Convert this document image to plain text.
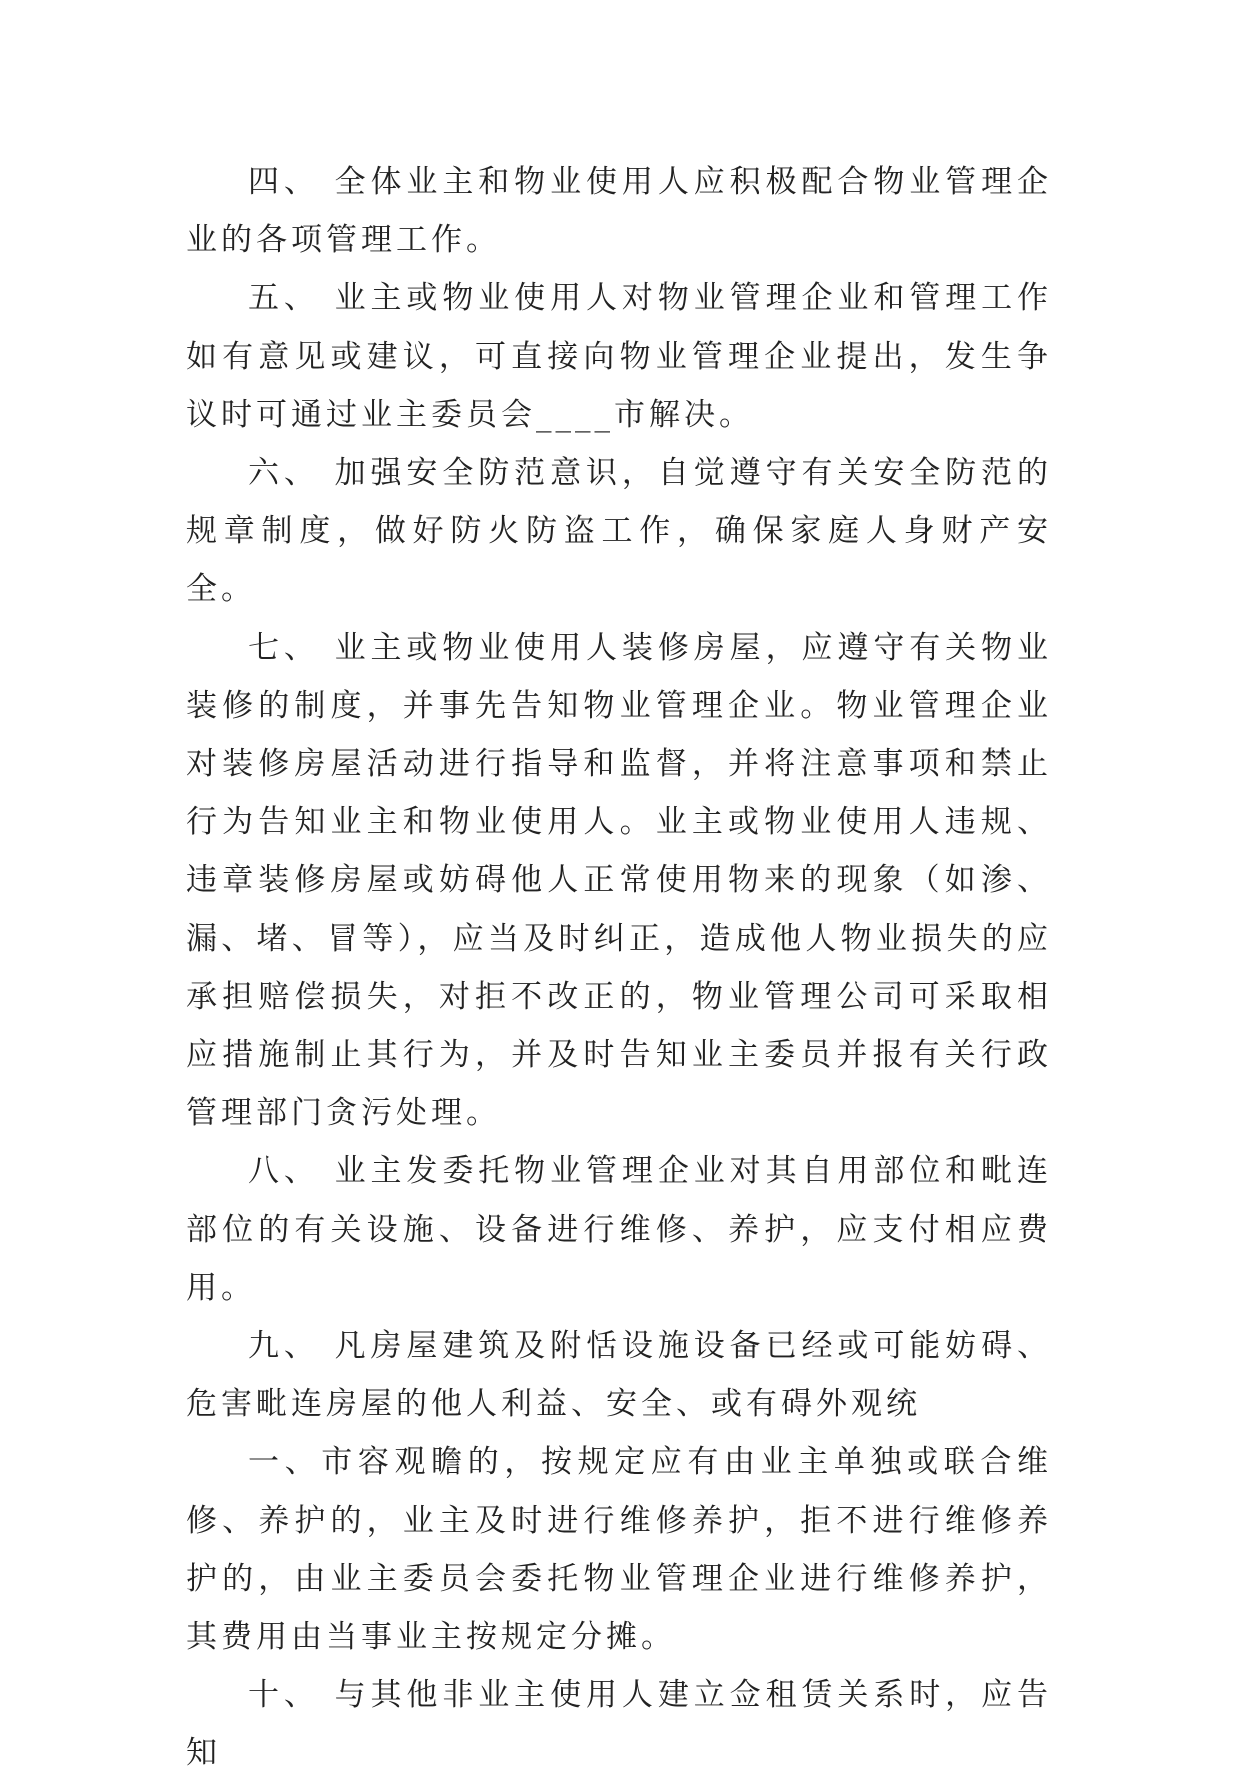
四、 全体业主和物业使用人应积极配合物业管理企业的各项管理工作。

五、 业主或物业使用人对物业管理企业和管理工作如有意见或建议，可直接向物业管理企业提出，发生争议时可通过业主委员会____市解决。

六、 加强安全防范意识，自觉遵守有关安全防范的规章制度，做好防火防盗工作，确保家庭人身财产安全。

七、 业主或物业使用人装修房屋，应遵守有关物业装修的制度，并事先告知物业管理企业。物业管理企业对装修房屋活动进行指导和监督，并将注意事项和禁止行为告知业主和物业使用人。业主或物业使用人违规、违章装修房屋或妨碍他人正常使用物来的现象（如渗、漏、堵、冒等），应当及时纠正，造成他人物业损失的应承担赔偿损失，对拒不改正的，物业管理公司可采取相应措施制止其行为，并及时告知业主委员并报有关行政管理部门贪污处理。

八、 业主发委托物业管理企业对其自用部位和毗连部位的有关设施、设备进行维修、养护，应支付相应费用。

九、 凡房屋建筑及附恬设施设备已经或可能妨碍、危害毗连房屋的他人利益、安全、或有碍外观统

一、市容观瞻的，按规定应有由业主单独或联合维修、养护的，业主及时进行维修养护，拒不进行维修养护的，由业主委员会委托物业管理企业进行维修养护，其费用由当事业主按规定分摊。

十、 与其他非业主使用人建立佥租赁关系时，应告知
